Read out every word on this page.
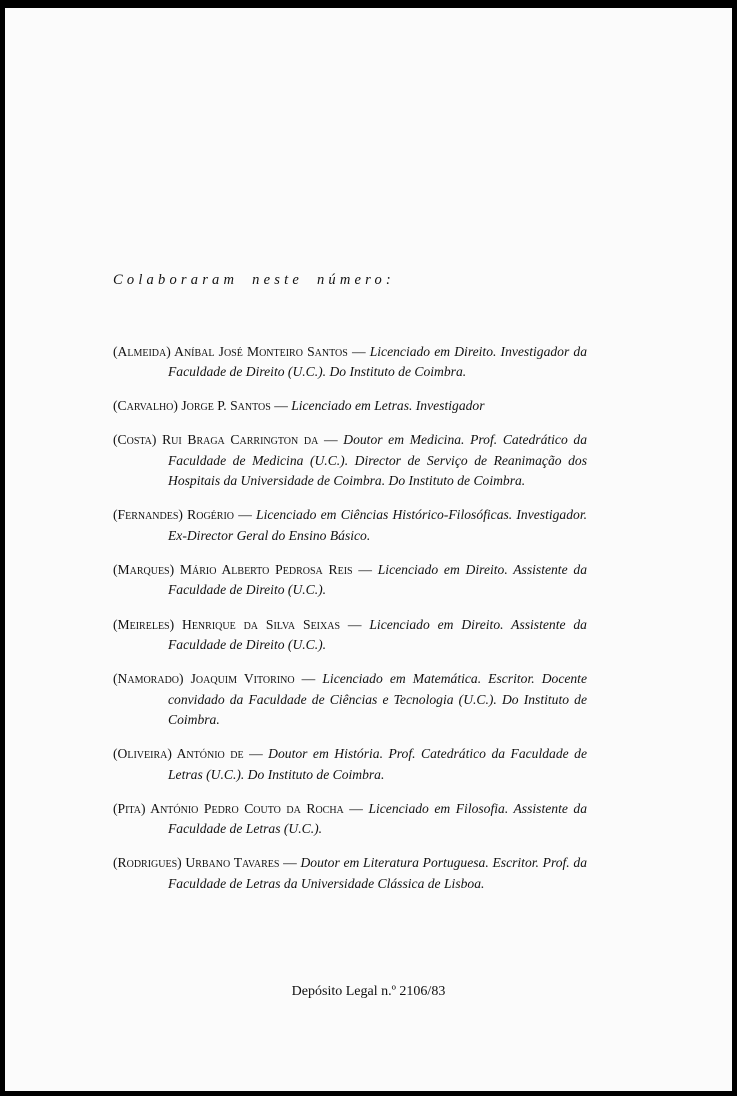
Colaboraram neste número:

(Almeida) Aníbal José Monteiro Santos — Licenciado em Direito. Investigador da Faculdade de Direito (U.C.). Do Instituto de Coimbra.

(Carvalho) Jorge P. Santos — Licenciado em Letras. Investigador

(Costa) Rui Braga Carrington da — Doutor em Medicina. Prof. Catedrático da Faculdade de Medicina (U.C.). Director de Serviço de Reanimação dos Hospitais da Universidade de Coimbra. Do Instituto de Coimbra.

(Fernandes) Rogério — Licenciado em Ciências Histórico-Filosóficas. Investigador. Ex-Director Geral do Ensino Básico.

(Marques) Mário Alberto Pedrosa Reis — Licenciado em Direito. Assistente da Faculdade de Direito (U.C.).

(Meireles) Henrique da Silva Seixas — Licenciado em Direito. Assistente da Faculdade de Direito (U.C.).

(Namorado) Joaquim Vitorino — Licenciado em Matemática. Escritor. Docente convidado da Faculdade de Ciências e Tecnologia (U.C.). Do Instituto de Coimbra.

(Oliveira) António de — Doutor em História. Prof. Catedrático da Faculdade de Letras (U.C.). Do Instituto de Coimbra.

(Pita) António Pedro Couto da Rocha — Licenciado em Filosofia. Assistente da Faculdade de Letras (U.C.).

(Rodrigues) Urbano Tavares — Doutor em Literatura Portuguesa. Escritor. Prof. da Faculdade de Letras da Universidade Clássica de Lisboa.

Depósito Legal n.º 2106/83
